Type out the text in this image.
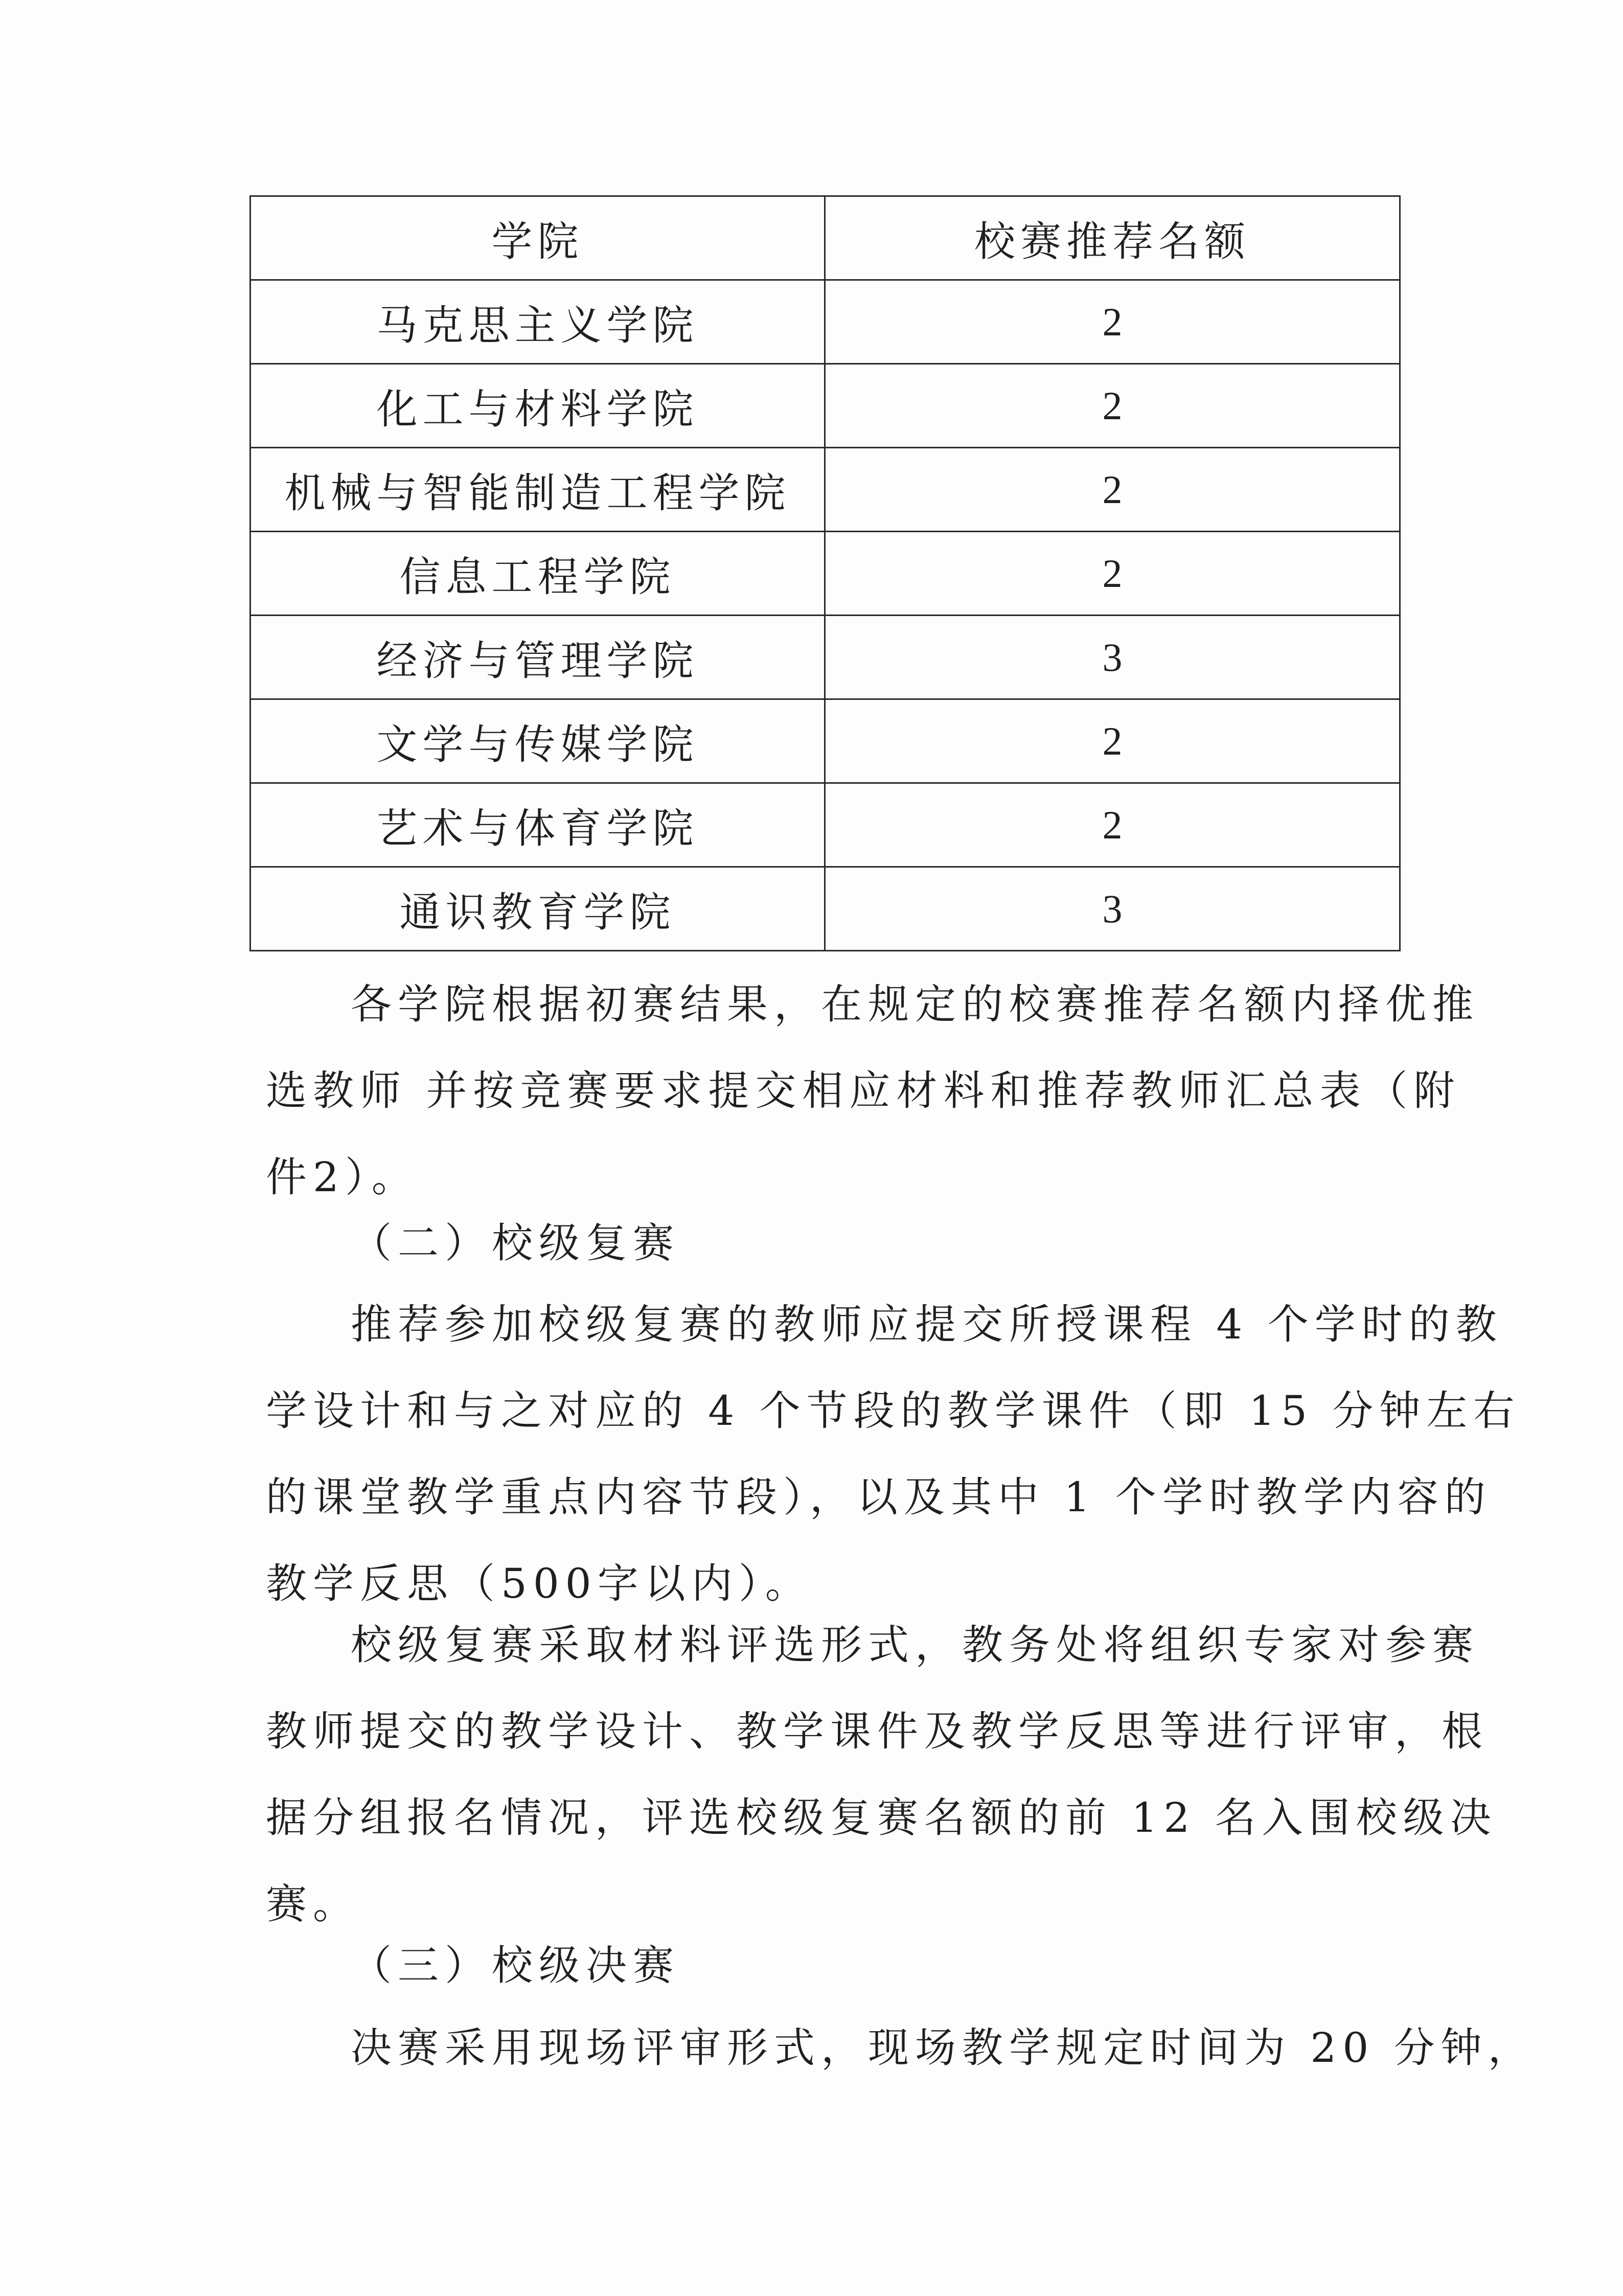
学院	校赛推荐名额
马克思主义学院	2
化工与材料学院	2
机械与智能制造工程学院	2
信息工程学院	2
经济与管理学院	3
文学与传媒学院	2
艺术与体育学院	2
通识教育学院	3
各学院根据初赛结果，在规定的校赛推荐名额内择优推
选教师 并按竞赛要求提交相应材料和推荐教师汇总表（附
件2）。
（二）校级复赛
推荐参加校级复赛的教师应提交所授课程 4 个学时的教
学设计和与之对应的 4 个节段的教学课件（即 15 分钟左右
的课堂教学重点内容节段），以及其中 1 个学时教学内容的
教学反思（500字以内）。
校级复赛采取材料评选形式，教务处将组织专家对参赛
教师提交的教学设计、教学课件及教学反思等进行评审，根
据分组报名情况，评选校级复赛名额的前 12 名入围校级决
赛。
（三）校级决赛
决赛采用现场评审形式，现场教学规定时间为 20 分钟，
